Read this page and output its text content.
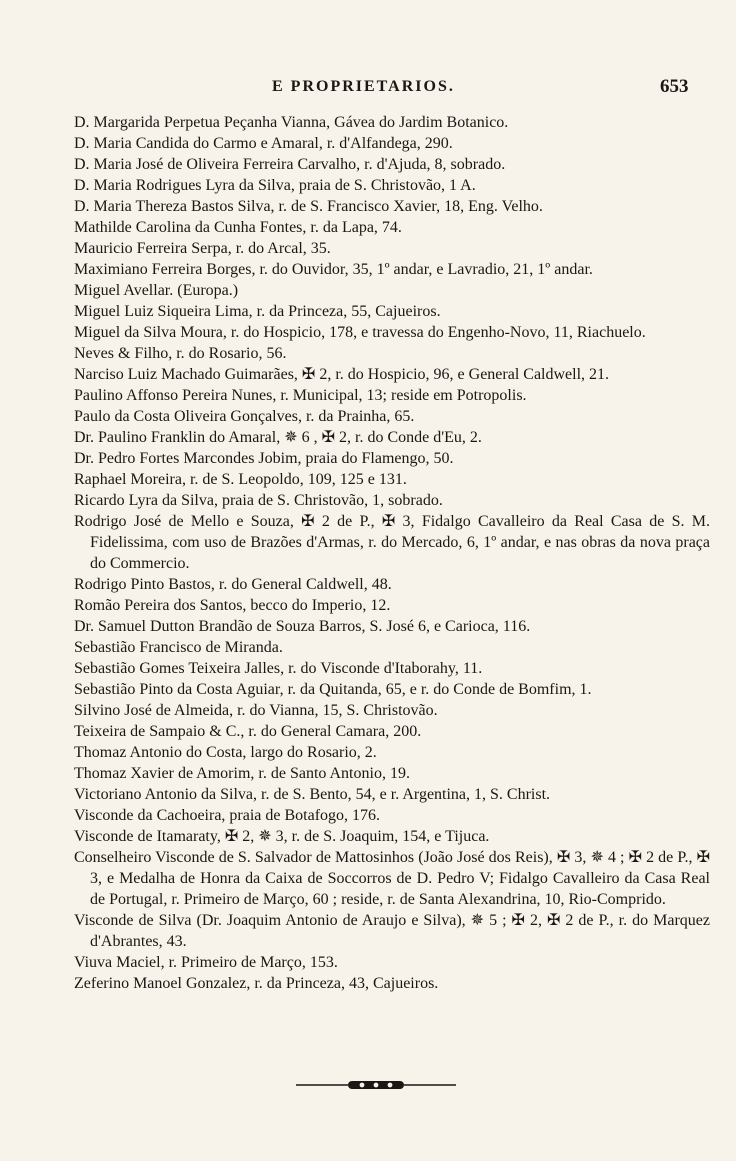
E PROPRIETARIOS.	653
D. Margarida Perpetua Peçanha Vianna, Gávea do Jardim Botanico.
D. Maria Candida do Carmo e Amaral, r. d'Alfandega, 290.
D. Maria José de Oliveira Ferreira Carvalho, r. d'Ajuda, 8, sobrado.
D. Maria Rodrigues Lyra da Silva, praia de S. Christovão, 1 A.
D. Maria Thereza Bastos Silva, r. de S. Francisco Xavier, 18, Eng. Velho.
Mathilde Carolina da Cunha Fontes, r. da Lapa, 74.
Mauricio Ferreira Serpa, r. do Arcal, 35.
Maximiano Ferreira Borges, r. do Ouvidor, 35, 1º andar, e Lavradio, 21, 1º andar.
Miguel Avellar. (Europa.)
Miguel Luiz Siqueira Lima, r. da Princeza, 55, Cajueiros.
Miguel da Silva Moura, r. do Hospicio, 178, e travessa do Engenho-Novo, 11, Riachuelo.
Neves & Filho, r. do Rosario, 56.
Narciso Luiz Machado Guimarães, ✠ 2, r. do Hospicio, 96, e General Caldwell, 21.
Paulino Affonso Pereira Nunes, r. Municipal, 13; reside em Potropolis.
Paulo da Costa Oliveira Gonçalves, r. da Prainha, 65.
Dr. Paulino Franklin do Amaral, ✵ 6 , ✠ 2, r. do Conde d'Eu, 2.
Dr. Pedro Fortes Marcondes Jobim, praia do Flamengo, 50.
Raphael Moreira, r. de S. Leopoldo, 109, 125 e 131.
Ricardo Lyra da Silva, praia de S. Christovão, 1, sobrado.
Rodrigo José de Mello e Souza, ✠ 2 de P., ✠ 3, Fidalgo Cavalleiro da Real Casa de S. M. Fidelissima, com uso de Brazões d'Armas, r. do Mercado, 6, 1º andar, e nas obras da nova praça do Commercio.
Rodrigo Pinto Bastos, r. do General Caldwell, 48.
Romão Pereira dos Santos, becco do Imperio, 12.
Dr. Samuel Dutton Brandão de Souza Barros, S. José 6, e Carioca, 116.
Sebastião Francisco de Miranda.
Sebastião Gomes Teixeira Jalles, r. do Visconde d'Itaborahy, 11.
Sebastião Pinto da Costa Aguiar, r. da Quitanda, 65, e r. do Conde de Bomfim, 1.
Silvino José de Almeida, r. do Vianna, 15, S. Christovão.
Teixeira de Sampaio & C., r. do General Camara, 200.
Thomaz Antonio do Costa, largo do Rosario, 2.
Thomaz Xavier de Amorim, r. de Santo Antonio, 19.
Victoriano Antonio da Silva, r. de S. Bento, 54, e r. Argentina, 1, S. Christ.
Visconde da Cachoeira, praia de Botafogo, 176.
Visconde de Itamaraty, ✠ 2, ✵ 3, r. de S. Joaquim, 154, e Tijuca.
Conselheiro Visconde de S. Salvador de Mattosinhos (João José dos Reis), ✠ 3, ✵ 4 ; ✠ 2 de P., ✠ 3, e Medalha de Honra da Caixa de Soccorros de D. Pedro V; Fidalgo Cavalleiro da Casa Real de Portugal, r. Primeiro de Março, 60 ; reside, r. de Santa Alexandrina, 10, Rio-Comprido.
Visconde de Silva (Dr. Joaquim Antonio de Araujo e Silva), ✵ 5 ; ✠ 2, ✠ 2 de P., r. do Marquez d'Abrantes, 43.
Viuva Maciel, r. Primeiro de Março, 153.
Zeferino Manoel Gonzalez, r. da Princeza, 43, Cajueiros.
